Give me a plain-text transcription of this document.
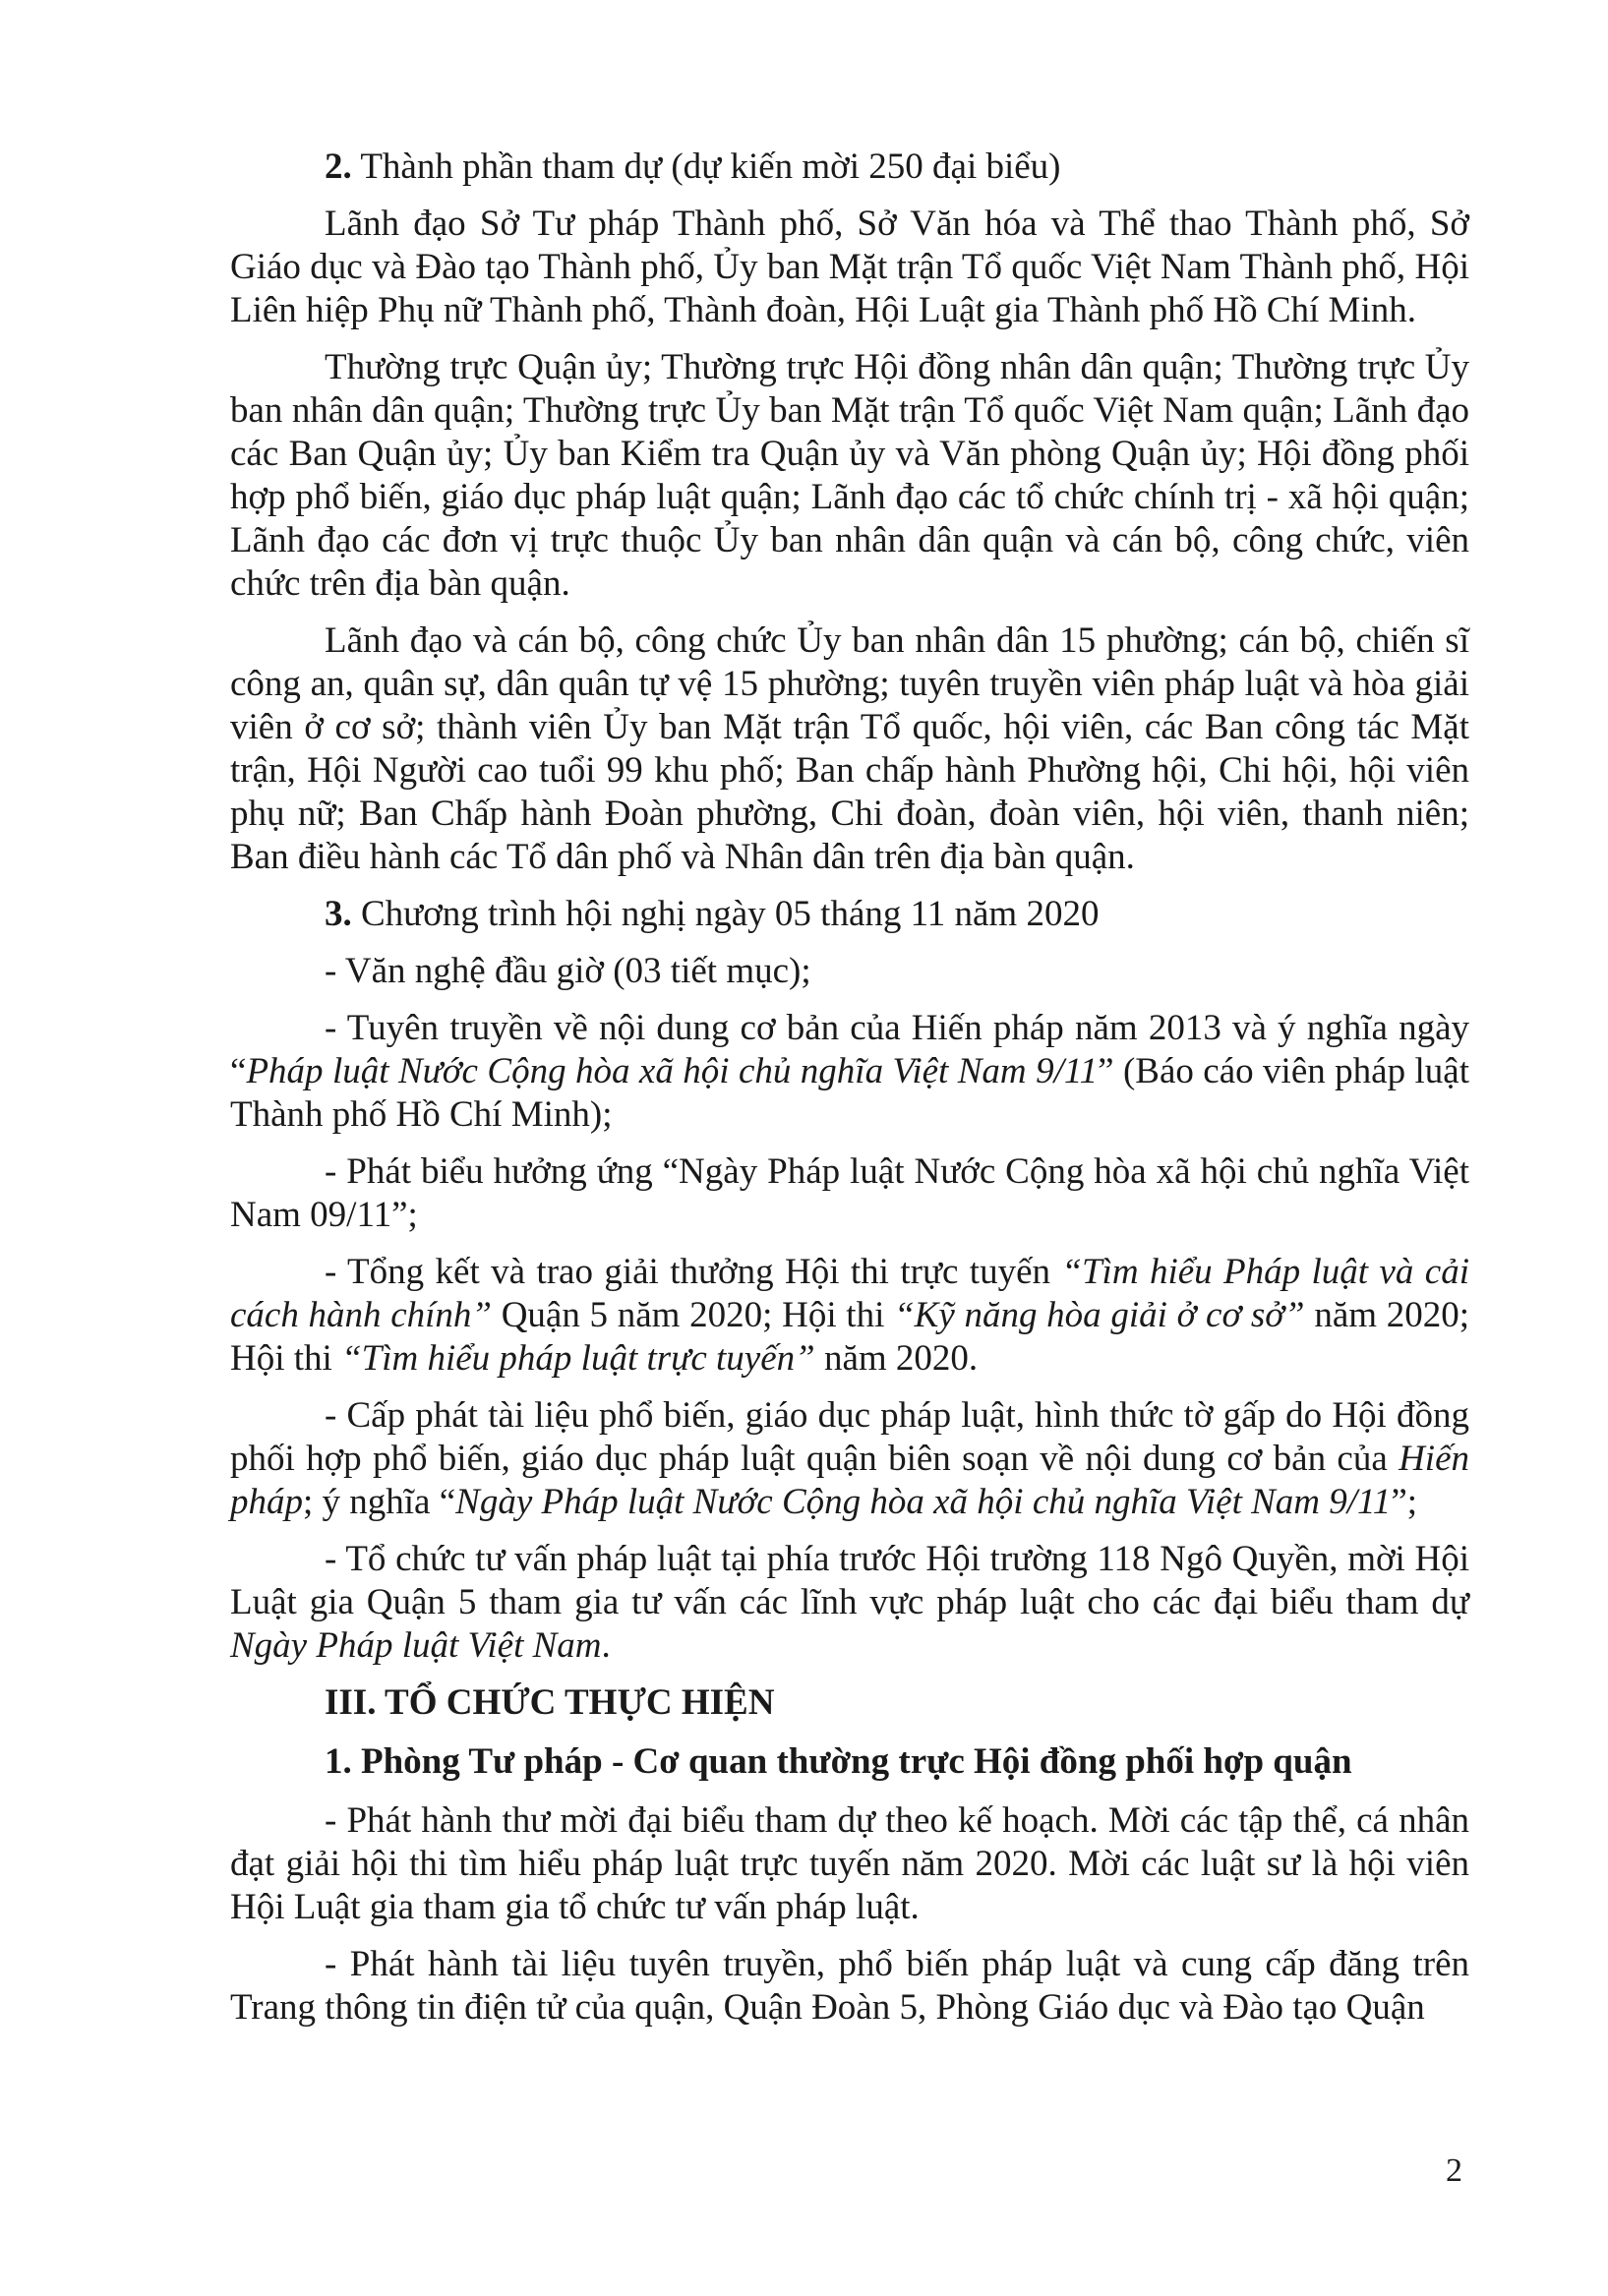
2. Thành phần tham dự (dự kiến mời 250 đại biểu)

Lãnh đạo Sở Tư pháp Thành phố, Sở Văn hóa và Thể thao Thành phố, Sở Giáo dục và Đào tạo Thành phố, Ủy ban Mặt trận Tổ quốc Việt Nam Thành phố, Hội Liên hiệp Phụ nữ Thành phố, Thành đoàn, Hội Luật gia Thành phố Hồ Chí Minh.

Thường trực Quận ủy; Thường trực Hội đồng nhân dân quận; Thường trực Ủy ban nhân dân quận; Thường trực Ủy ban Mặt trận Tổ quốc Việt Nam quận; Lãnh đạo các Ban Quận ủy; Ủy ban Kiểm tra Quận ủy và Văn phòng Quận ủy; Hội đồng phối hợp phổ biến, giáo dục pháp luật quận; Lãnh đạo các tổ chức chính trị - xã hội quận; Lãnh đạo các đơn vị trực thuộc Ủy ban nhân dân quận và cán bộ, công chức, viên chức trên địa bàn quận.

Lãnh đạo và cán bộ, công chức Ủy ban nhân dân 15 phường; cán bộ, chiến sĩ công an, quân sự, dân quân tự vệ 15 phường; tuyên truyền viên pháp luật và hòa giải viên ở cơ sở; thành viên Ủy ban Mặt trận Tổ quốc, hội viên, các Ban công tác Mặt trận, Hội Người cao tuổi 99 khu phố; Ban chấp hành Phường hội, Chi hội, hội viên phụ nữ; Ban Chấp hành Đoàn phường, Chi đoàn, đoàn viên, hội viên, thanh niên; Ban điều hành các Tổ dân phố và Nhân dân trên địa bàn quận.

3. Chương trình hội nghị ngày 05 tháng 11 năm 2020

- Văn nghệ đầu giờ (03 tiết mục);

- Tuyên truyền về nội dung cơ bản của Hiến pháp năm 2013 và ý nghĩa ngày “Pháp luật Nước Cộng hòa xã hội chủ nghĩa Việt Nam 9/11” (Báo cáo viên pháp luật Thành phố Hồ Chí Minh);

- Phát biểu hưởng ứng “Ngày Pháp luật Nước Cộng hòa xã hội chủ nghĩa Việt Nam 09/11”;

- Tổng kết và trao giải thưởng Hội thi trực tuyến “Tìm hiểu Pháp luật và cải cách hành chính” Quận 5 năm 2020; Hội thi “Kỹ năng hòa giải ở cơ sở” năm 2020; Hội thi “Tìm hiểu pháp luật trực tuyến” năm 2020.

- Cấp phát tài liệu phổ biến, giáo dục pháp luật, hình thức tờ gấp do Hội đồng phối hợp phổ biến, giáo dục pháp luật quận biên soạn về nội dung cơ bản của Hiến pháp; ý nghĩa “Ngày Pháp luật Nước Cộng hòa xã hội chủ nghĩa Việt Nam 9/11”;

- Tổ chức tư vấn pháp luật tại phía trước Hội trường 118 Ngô Quyền, mời Hội Luật gia Quận 5 tham gia tư vấn các lĩnh vực pháp luật cho các đại biểu tham dự Ngày Pháp luật Việt Nam.

III. TỔ CHỨC THỰC HIỆN

1. Phòng Tư pháp - Cơ quan thường trực Hội đồng phối hợp quận

- Phát hành thư mời đại biểu tham dự theo kế hoạch. Mời các tập thể, cá nhân đạt giải hội thi tìm hiểu pháp luật trực tuyến năm 2020. Mời các luật sư là hội viên Hội Luật gia tham gia tổ chức tư vấn pháp luật.

- Phát hành tài liệu tuyên truyền, phổ biến pháp luật và cung cấp đăng trên Trang thông tin điện tử của quận, Quận Đoàn 5, Phòng Giáo dục và Đào tạo Quận

2
